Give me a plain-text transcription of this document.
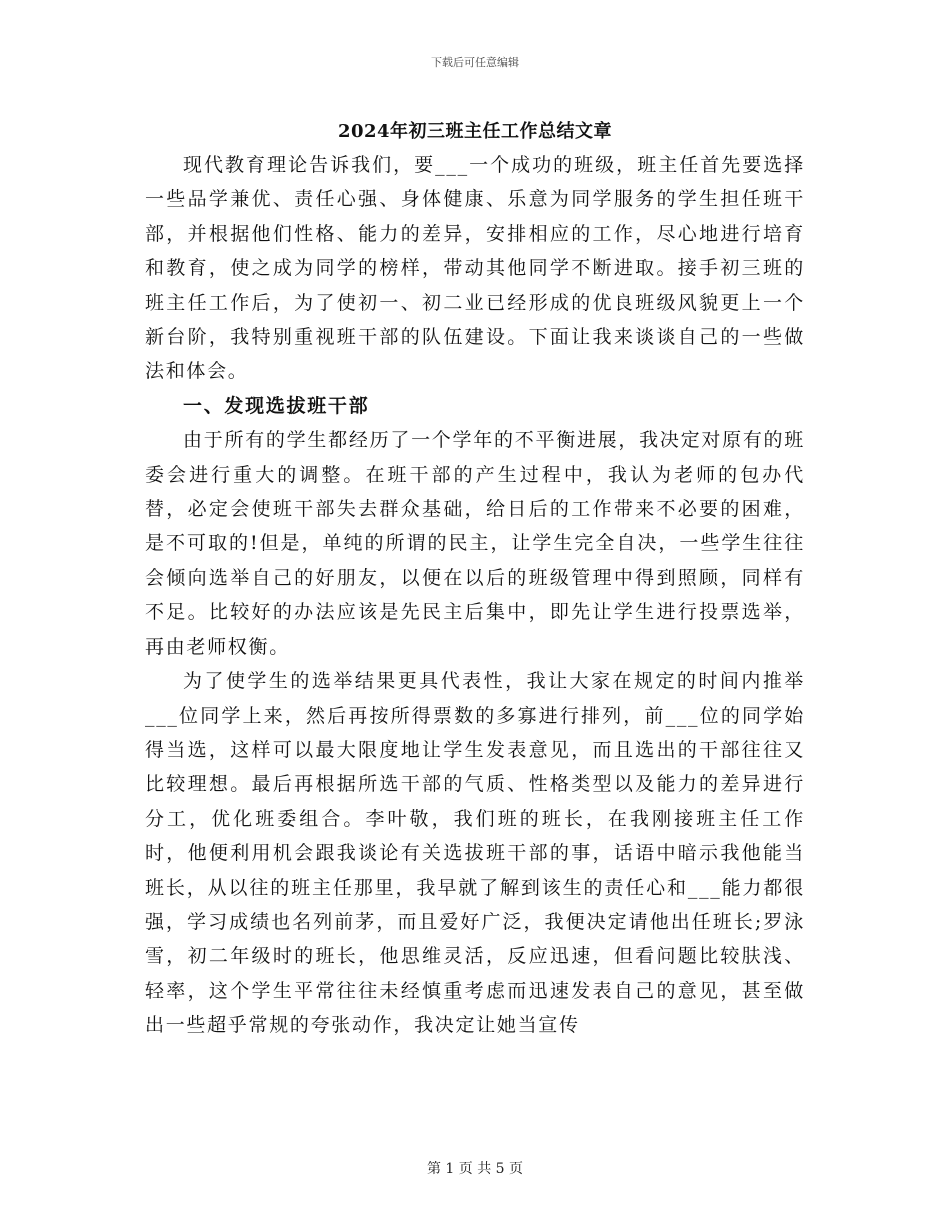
下载后可任意编辑
2024年初三班主任工作总结文章

现代教育理论告诉我们，要___一个成功的班级，班主任首先要选择一些品学兼优、责任心强、身体健康、乐意为同学服务的学生担任班干部，并根据他们性格、能力的差异，安排相应的工作，尽心地进行培育和教育，使之成为同学的榜样，带动其他同学不断进取。接手初三班的班主任工作后，为了使初一、初二业已经形成的优良班级风貌更上一个新台阶，我特别重视班干部的队伍建设。下面让我来谈谈自己的一些做法和体会。

一、发现选拔班干部

由于所有的学生都经历了一个学年的不平衡进展，我决定对原有的班委会进行重大的调整。在班干部的产生过程中，我认为老师的包办代替，必定会使班干部失去群众基础，给日后的工作带来不必要的困难，是不可取的!但是，单纯的所谓的民主，让学生完全自决，一些学生往往会倾向选举自己的好朋友，以便在以后的班级管理中得到照顾，同样有不足。比较好的办法应该是先民主后集中，即先让学生进行投票选举，再由老师权衡。

为了使学生的选举结果更具代表性，我让大家在规定的时间内推举___位同学上来，然后再按所得票数的多寡进行排列，前___位的同学始得当选，这样可以最大限度地让学生发表意见，而且选出的干部往往又比较理想。最后再根据所选干部的气质、性格类型以及能力的差异进行分工，优化班委组合。李叶敬，我们班的班长，在我刚接班主任工作时，他便利用机会跟我谈论有关选拔班干部的事，话语中暗示我他能当班长，从以往的班主任那里，我早就了解到该生的责任心和___能力都很强，学习成绩也名列前茅，而且爱好广泛，我便决定请他出任班长;罗泳雪，初二年级时的班长，他思维灵活，反应迅速，但看问题比较肤浅、轻率，这个学生平常往往未经慎重考虑而迅速发表自己的意见，甚至做出一些超乎常规的夸张动作，我决定让她当宣传

第 1 页 共 5 页
